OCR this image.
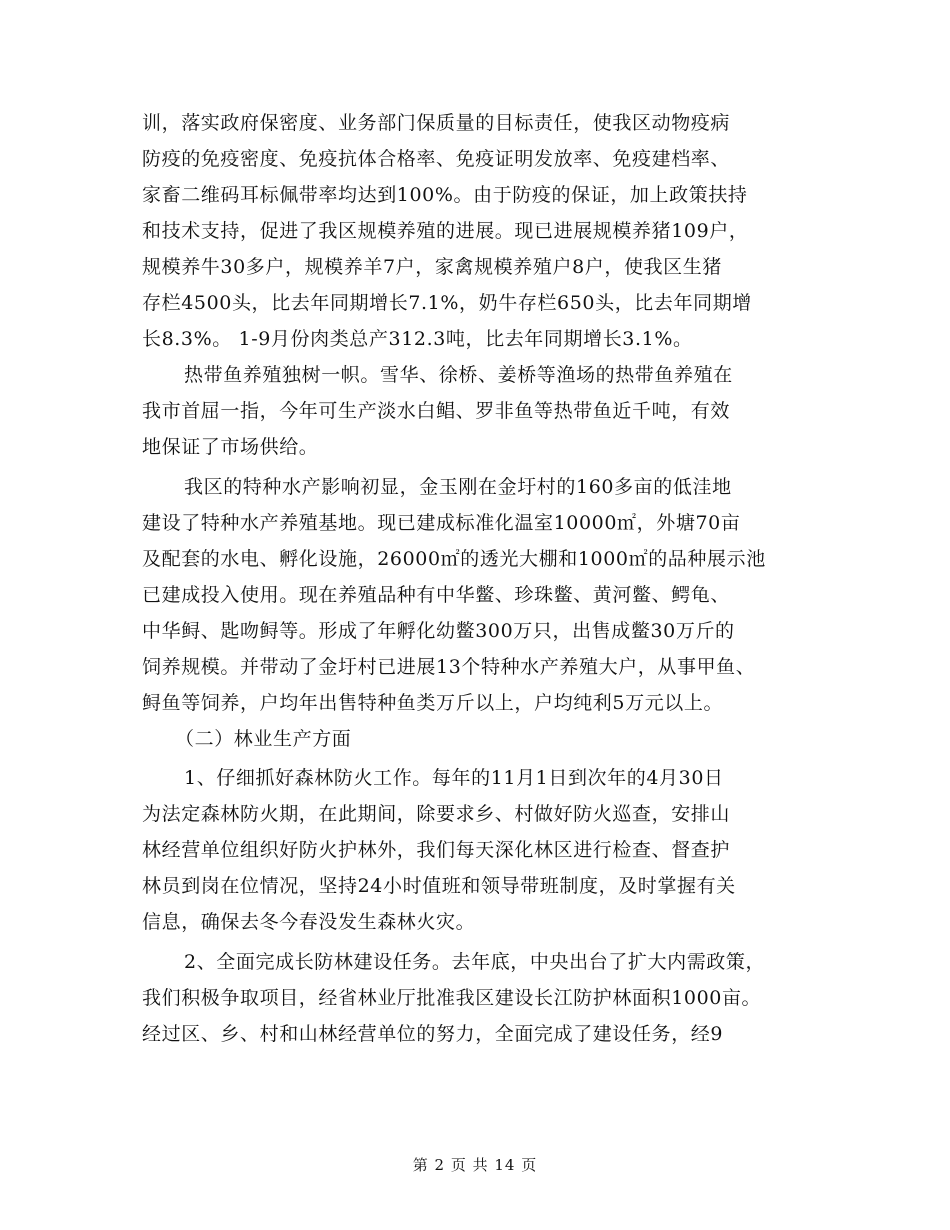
训，落实政府保密度、业务部门保质量的目标责任，使我区动物疫病
防疫的免疫密度、免疫抗体合格率、免疫证明发放率、免疫建档率、
家畜二维码耳标佩带率均达到100%。由于防疫的保证，加上政策扶持
和技术支持，促进了我区规模养殖的进展。现已进展规模养猪109户，
规模养牛30多户，规模养羊7户，家禽规模养殖户8户，使我区生猪
存栏4500头，比去年同期增长7.1%，奶牛存栏650头，比去年同期增
长8.3%。 1-9月份肉类总产312.3吨，比去年同期增长3.1%。
热带鱼养殖独树一帜。雪华、徐桥、姜桥等渔场的热带鱼养殖在
我市首屈一指，今年可生产淡水白鲳、罗非鱼等热带鱼近千吨，有效
地保证了市场供给。
我区的特种水产影响初显，金玉刚在金圩村的160多亩的低洼地
建设了特种水产养殖基地。现已建成标准化温室10000㎡，外塘70亩
及配套的水电、孵化设施，26000㎡的透光大棚和1000㎡的品种展示池
已建成投入使用。现在养殖品种有中华鳖、珍珠鳖、黄河鳖、鳄龟、
中华鲟、匙吻鲟等。形成了年孵化幼鳖300万只，出售成鳖30万斤的
饲养规模。并带动了金圩村已进展13个特种水产养殖大户，从事甲鱼、
鲟鱼等饲养，户均年出售特种鱼类万斤以上，户均纯利5万元以上。
（二）林业生产方面
1、仔细抓好森林防火工作。每年的11月1日到次年的4月30日
为法定森林防火期，在此期间，除要求乡、村做好防火巡查，安排山
林经营单位组织好防火护林外，我们每天深化林区进行检查、督查护
林员到岗在位情况，坚持24小时值班和领导带班制度，及时掌握有关
信息，确保去冬今春没发生森林火灾。
2、全面完成长防林建设任务。去年底，中央出台了扩大内需政策，
我们积极争取项目，经省林业厅批准我区建设长江防护林面积1000亩。
经过区、乡、村和山林经营单位的努力，全面完成了建设任务，经9
第 2 页 共 14 页
